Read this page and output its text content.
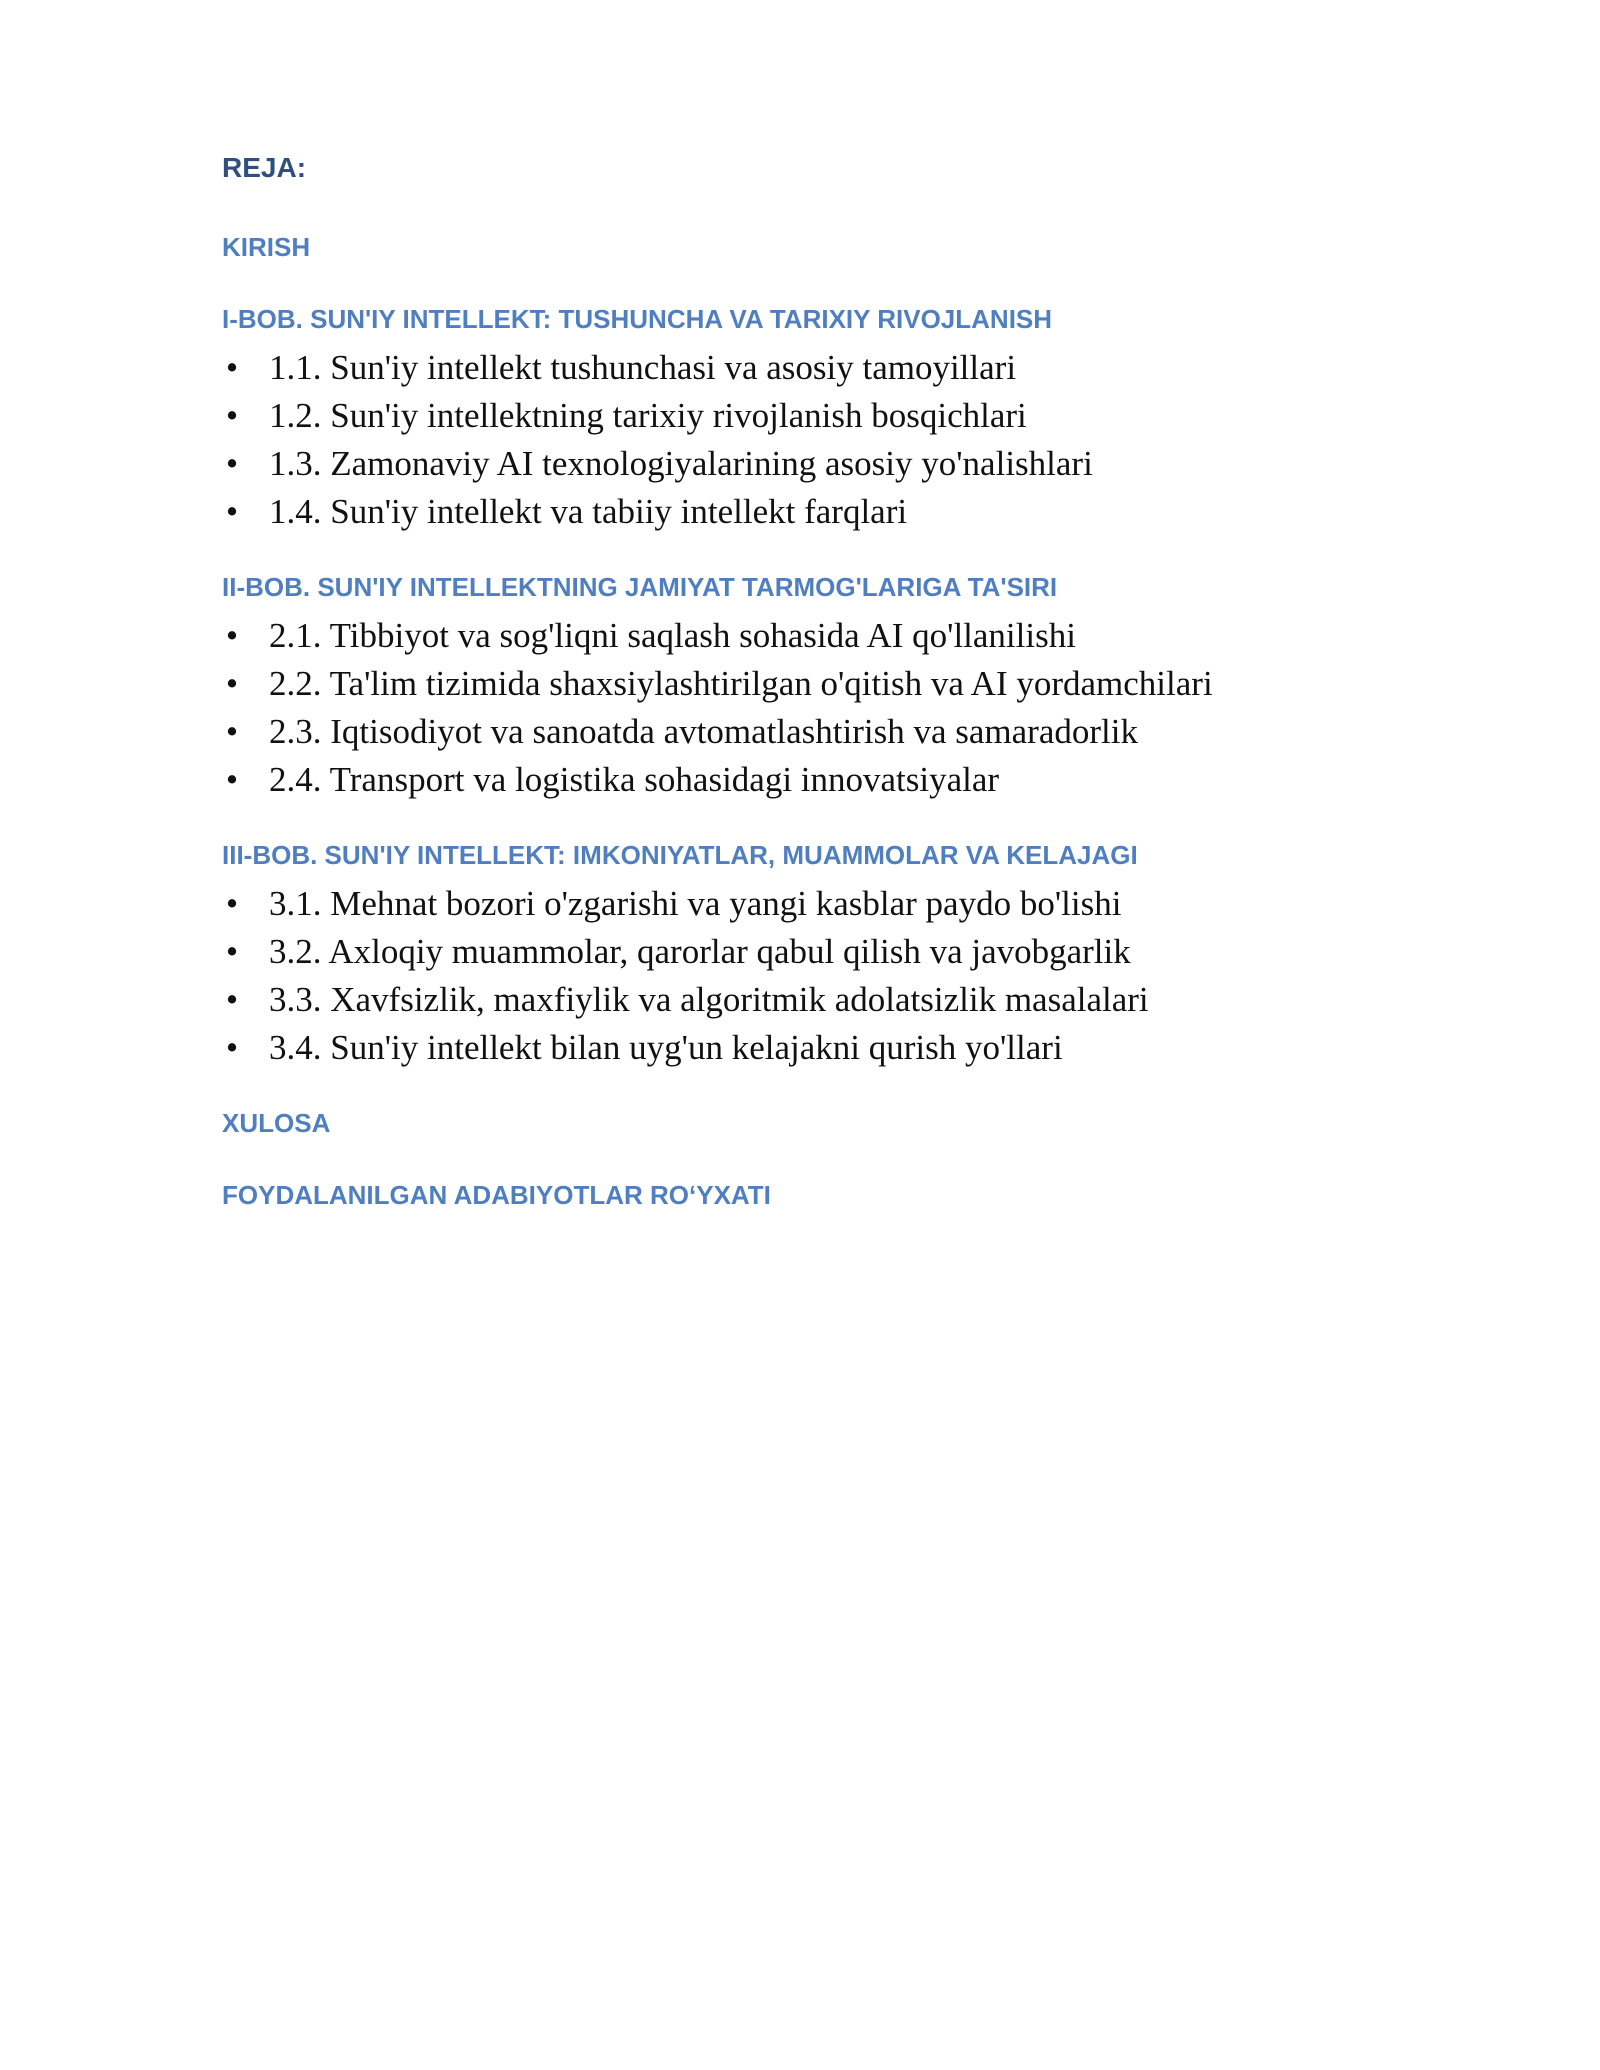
REJA:
KIRISH
I-BOB. SUN'IY INTELLEKT: TUSHUNCHA VA TARIXIY RIVOJLANISH
• 1.1. Sun'iy intellekt tushunchasi va asosiy tamoyillari
• 1.2. Sun'iy intellektning tarixiy rivojlanish bosqichlari
• 1.3. Zamonaviy AI texnologiyalarining asosiy yo'nalishlari
• 1.4. Sun'iy intellekt va tabiiy intellekt farqlari
II-BOB. SUN'IY INTELLEKTNING JAMIYAT TARMOG'LARIGA TA'SIRI
• 2.1. Tibbiyot va sog'liqni saqlash sohasida AI qo'llanilishi
• 2.2. Ta'lim tizimida shaxsiylashtirilgan o'qitish va AI yordamchilari
• 2.3. Iqtisodiyot va sanoatda avtomatlashtirish va samaradorlik
• 2.4. Transport va logistika sohasidagi innovatsiyalar
III-BOB. SUN'IY INTELLEKT: IMKONIYATLAR, MUAMMOLAR VA KELAJAGI
• 3.1. Mehnat bozori o'zgarishi va yangi kasblar paydo bo'lishi
• 3.2. Axloqiy muammolar, qarorlar qabul qilish va javobgarlik
• 3.3. Xavfsizlik, maxfiylik va algoritmik adolatsizlik masalalari
• 3.4. Sun'iy intellekt bilan uyg'un kelajakni qurish yo'llari
XULOSA
FOYDALANILGAN ADABIYOTLAR RO‘YXATI
